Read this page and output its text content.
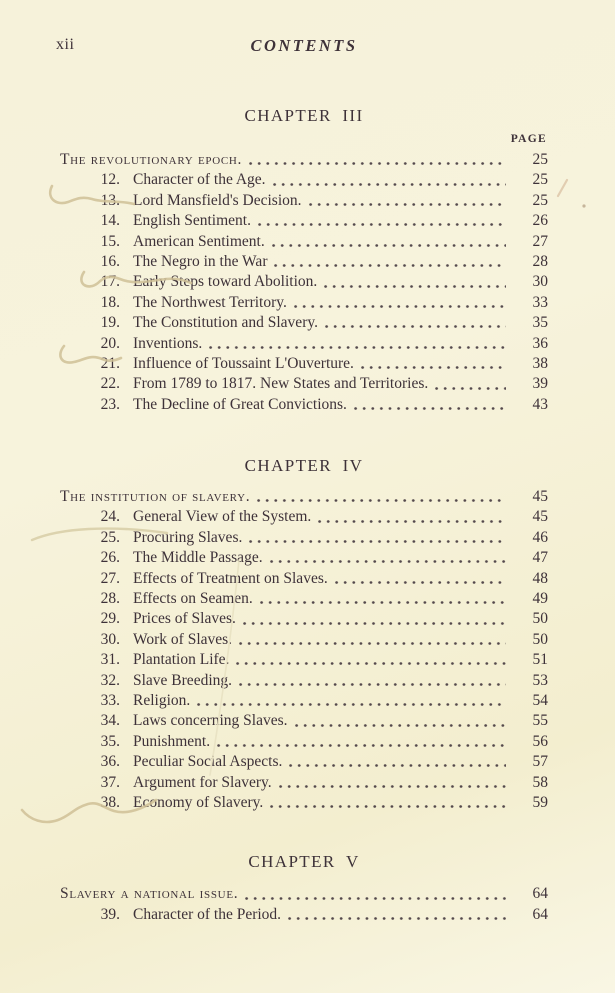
xii	CONTENTS
CHAPTER III
PAGE
The revolutionary epoch.	25
12. Character of the Age.	25
13. Lord Mansfield's Decision.	25
14. English Sentiment.	26
15. American Sentiment.	27
16. The Negro in the War	28
17. Early Steps toward Abolition.	30
18. The Northwest Territory.	33
19. The Constitution and Slavery.	35
20. Inventions.	36
21. Influence of Toussaint L'Ouverture.	38
22. From 1789 to 1817. New States and Territories.	39
23. The Decline of Great Convictions.	43
CHAPTER IV
The institution of slavery.	45
24. General View of the System.	45
25. Procuring Slaves.	46
26. The Middle Passage.	47
27. Effects of Treatment on Slaves.	48
28. Effects on Seamen.	49
29. Prices of Slaves.	50
30. Work of Slaves.	50
31. Plantation Life.	51
32. Slave Breeding.	53
33. Religion.	54
34. Laws concerning Slaves.	55
35. Punishment.	56
36. Peculiar Social Aspects.	57
37. Argument for Slavery.	58
38. Economy of Slavery.	59
CHAPTER V
Slavery a national issue.	64
39. Character of the Period.	64
